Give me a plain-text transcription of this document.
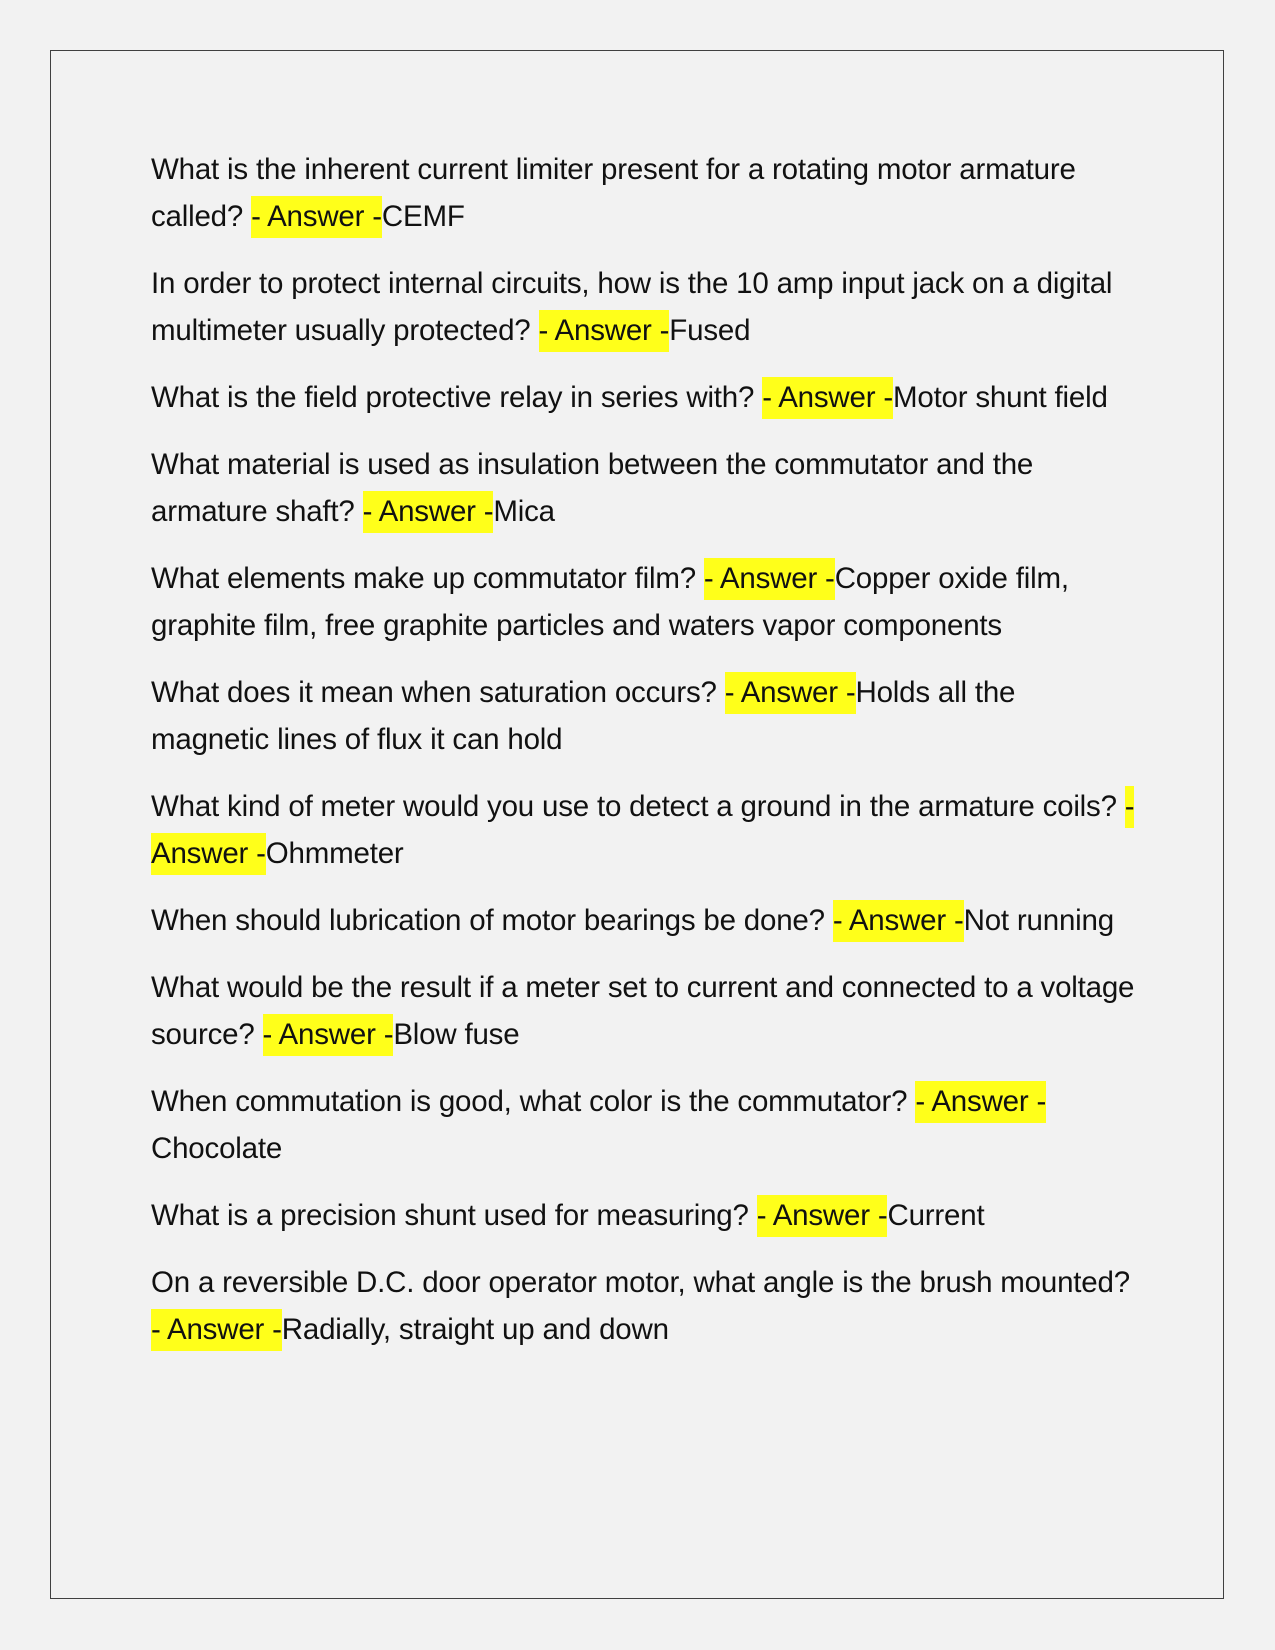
What is the inherent current limiter present for a rotating motor armature called? - Answer -CEMF
In order to protect internal circuits, how is the 10 amp input jack on a digital multimeter usually protected? - Answer -Fused
What is the field protective relay in series with? - Answer -Motor shunt field
What material is used as insulation between the commutator and the armature shaft? - Answer -Mica
What elements make up commutator film? - Answer -Copper oxide film, graphite film, free graphite particles and waters vapor components
What does it mean when saturation occurs? - Answer -Holds all the magnetic lines of flux it can hold
What kind of meter would you use to detect a ground in the armature coils? - Answer -Ohmmeter
When should lubrication of motor bearings be done? - Answer -Not running
What would be the result if a meter set to current and connected to a voltage source? - Answer -Blow fuse
When commutation is good, what color is the commutator? - Answer -Chocolate
What is a precision shunt used for measuring? - Answer -Current
On a reversible D.C. door operator motor, what angle is the brush mounted? - Answer -Radially, straight up and down
